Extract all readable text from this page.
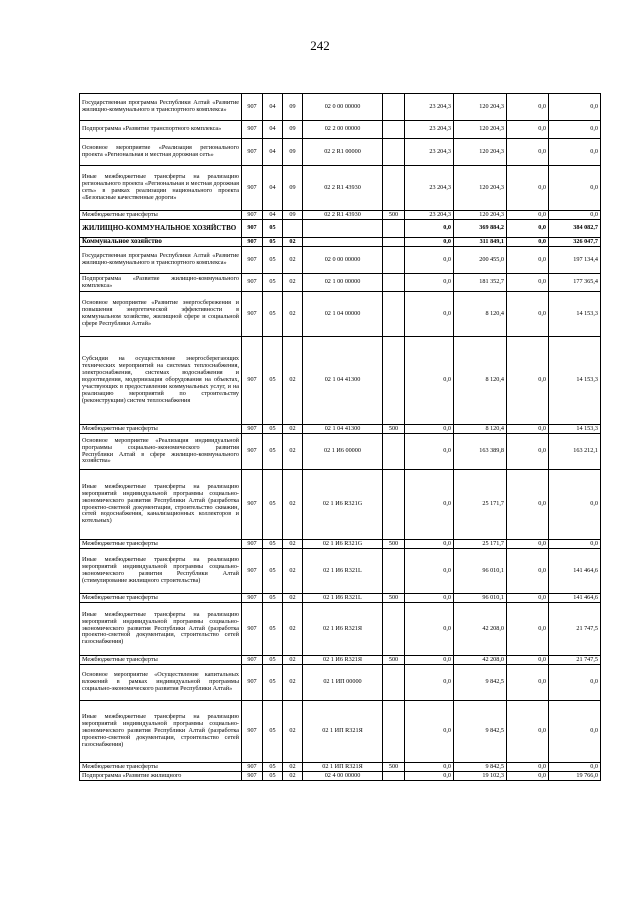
242
Государственная программа Республики Алтай «Развитие жилищно-коммунального и транспортного комплекса»	907	04	09	02 0 00 00000		23 204,3	120 204,3	0,0	0,0
Подпрограмма «Развитие транспортного комплекса»	907	04	09	02 2 00 00000		23 204,3	120 204,3	0,0	0,0
Основное мероприятие «Реализация регионального проекта «Региональная и местная дорожная сеть»	907	04	09	02 2 R1 00000		23 204,3	120 204,3	0,0	0,0
Иные межбюджетные трансферты на реализацию регионального проекта «Региональная и местная дорожная сеть» в рамках реализации национального проекта «Безопасные качественные дороги»	907	04	09	02 2 R1 43930		23 204,3	120 204,3	0,0	0,0
Межбюджетные трансферты	907	04	09	02 2 R1 43930	500	23 204,3	120 204,3	0,0	0,0
ЖИЛИЩНО-КОММУНАЛЬНОЕ ХОЗЯЙСТВО	907	05				0,0	369 884,2	0,0	384 082,7
Коммунальное хозяйство	907	05	02			0,0	311 849,1	0,0	326 047,7
Государственная программа Республики Алтай «Развитие жилищно-коммунального и транспортного комплекса»	907	05	02	02 0 00 00000		0,0	200 455,0	0,0	197 134,4
Подпрограмма «Развитие жилищно-коммунального комплекса»	907	05	02	02 1 00 00000		0,0	181 352,7	0,0	177 365,4
Основное мероприятие «Развитие энергосбережения и повышения энергетической эффективности в коммунальном хозяйстве, жилищной сфере и социальной сфере Республики Алтай»	907	05	02	02 1 04 00000		0,0	8 120,4	0,0	14 153,3
Субсидии на осуществление энергосберегающих технических мероприятий на системах теплоснабжения, электроснабжения, системах водоснабжения и водоотведения, модернизация оборудования на объектах, участвующих в предоставлении коммунальных услуг, и на реализацию мероприятий по строительству (реконструкции) систем теплоснабжения	907	05	02	02 1 04 41300		0,0	8 120,4	0,0	14 153,3
Межбюджетные трансферты	907	05	02	02 1 04 41300	500	0,0	8 120,4	0,0	14 153,3
Основное мероприятие «Реализация индивидуальной программы социально-экономического развития Республики Алтай в сфере жилищно-коммунального хозяйства»	907	05	02	02 1 И6 00000		0,0	163 389,8	0,0	163 212,1
Иные межбюджетные трансферты на реализацию мероприятий индивидуальной программы социально-экономического развития Республики Алтай (разработка проектно-сметной документации, строительство скважин, сетей водоснабжения, канализационных коллекторов и котельных)	907	05	02	02 1 И6 R321G		0,0	25 171,7	0,0	0,0
Межбюджетные трансферты	907	05	02	02 1 И6 R321G	500	0,0	25 171,7	0,0	0,0
Иные межбюджетные трансферты на реализацию мероприятий индивидуальной программы социально-экономического развития Республики Алтай (стимулирование жилищного строительства)	907	05	02	02 1 И6 R321L		0,0	96 010,1	0,0	141 464,6
Межбюджетные трансферты	907	05	02	02 1 И6 R321L	500	0,0	96 010,1	0,0	141 464,6
Иные межбюджетные трансферты на реализацию мероприятий индивидуальной программы социально-экономического развития Республики Алтай (разработка проектно-сметной документации, строительство сетей газоснабжения)	907	05	02	02 1 И6 R321Я		0,0	42 208,0	0,0	21 747,5
Межбюджетные трансферты	907	05	02	02 1 И6 R321Я	500	0,0	42 208,0	0,0	21 747,5
Основное мероприятие «Осуществление капитальных вложений в рамках индивидуальной программы социально-экономического развития Республики Алтай»	907	05	02	02 1 ИП 00000		0,0	9 842,5	0,0	0,0
Иные межбюджетные трансферты на реализацию мероприятий индивидуальной программы социально-экономического развития Республики Алтай (разработка проектно-сметной документации, строительство сетей газоснабжения)	907	05	02	02 1 ИП R321Я		0,0	9 842,5	0,0	0,0
Межбюджетные трансферты	907	05	02	02 1 ИП R321Я	500	0,0	9 842,5	0,0	0,0
Подпрограмма «Развитие жилищного	907	05	02	02 4 00 00000		0,0	19 102,3	0,0	19 766,0
